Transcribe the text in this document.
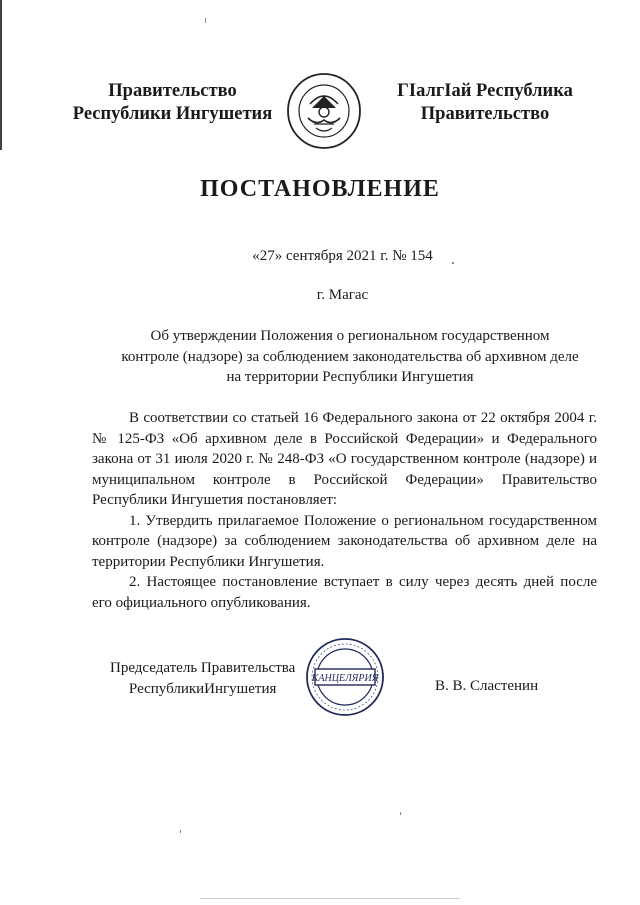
Правительство
Республики Ингушетия
ГIалгIай Республика
Правительство
ПОСТАНОВЛЕНИЕ
«27» сентября 2021 г. № 154
г. Магас
Об утверждении Положения о региональном государственном
контроле (надзоре) за соблюдением законодательства об архивном деле
на территории Республики Ингушетия

В соответствии со статьей 16 Федерального закона от 22 октября 2004 г. № 125-ФЗ «Об архивном деле в Российской Федерации» и Федерального закона от 31 июля 2020 г. № 248-ФЗ «О государственном контроле (надзоре) и муниципальном контроле в Российской Федерации» Правительство Республики Ингушетия постановляет:

1. Утвердить прилагаемое Положение о региональном государственном контроле (надзоре) за соблюдением законодательства об архивном деле на территории Республики Ингушетия.

2. Настоящее постановление вступает в силу через десять дней после его официального опубликования.

Председатель Правительства
РеспубликиИнгушетия
КАНЦЕЛЯРИЯ	В. В. Сластенин
